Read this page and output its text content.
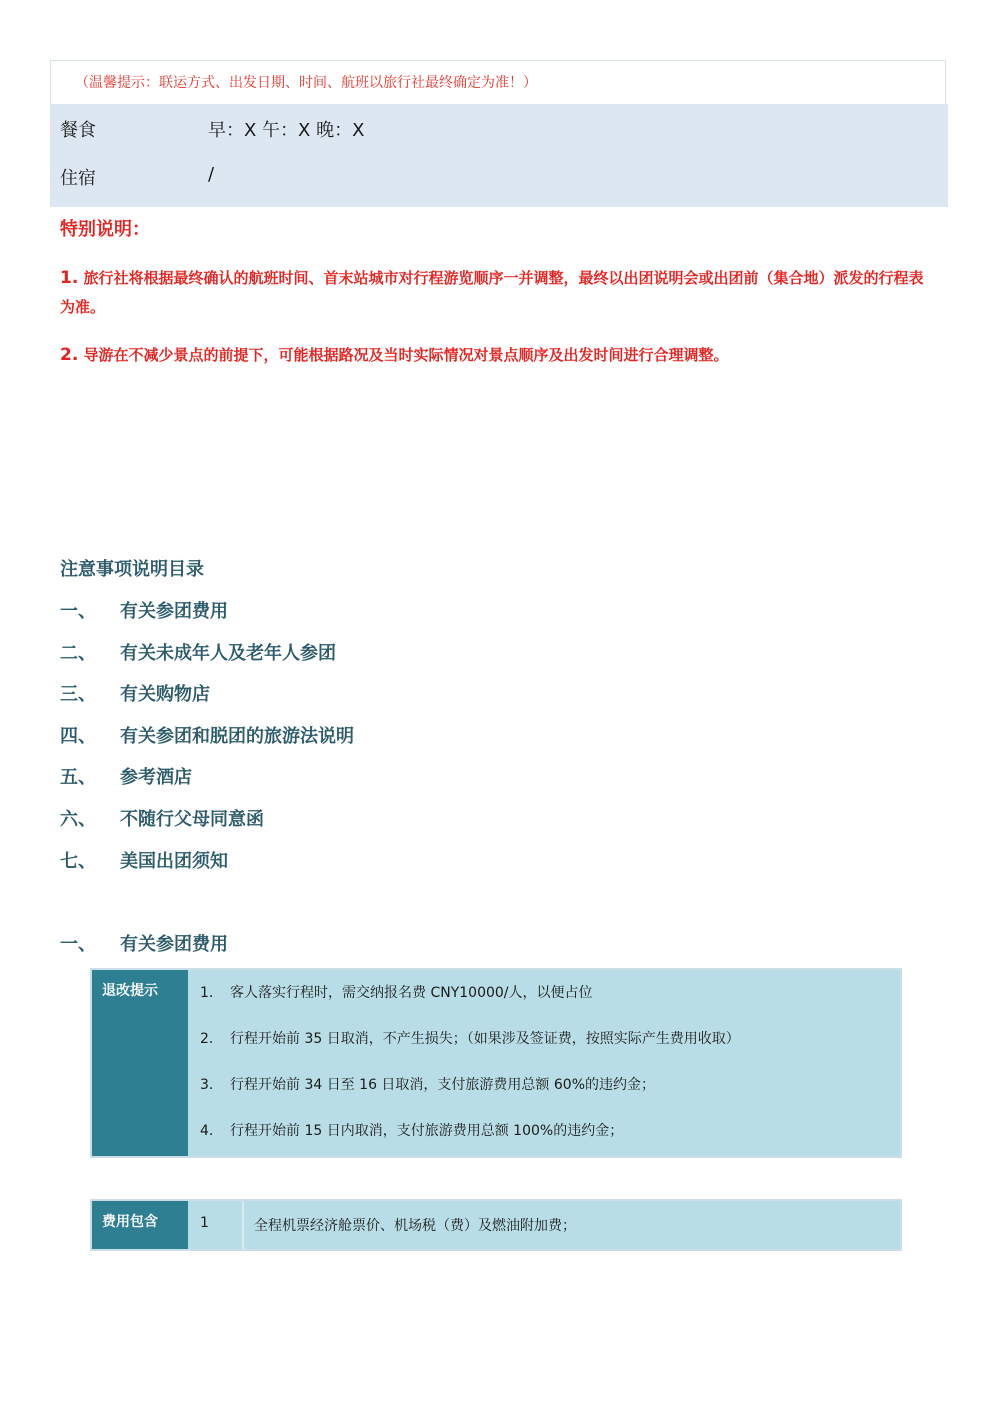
（温馨提示：联运方式、出发日期、时间、航班以旅行社最终确定为准！）
餐食	早：X 午：X 晚：X
住宿	/
特别说明：
1. 旅行社将根据最终确认的航班时间、首末站城市对行程游览顺序一并调整，最终以出团说明会或出团前（集合地）派发的行程表为准。
2. 导游在不减少景点的前提下，可能根据路况及当时实际情况对景点顺序及出发时间进行合理调整。
注意事项说明目录
一、 有关参团费用
二、 有关未成年人及老年人参团
三、 有关购物店
四、 有关参团和脱团的旅游法说明
五、 参考酒店
六、 不随行父母同意函
七、 美国出团须知
一、 有关参团费用
退改提示	1. 客人落实行程时，需交纳报名费 CNY10000/人，以便占位
2. 行程开始前 35 日取消，不产生损失；（如果涉及签证费，按照实际产生费用收取）
3. 行程开始前 34 日至 16 日取消，支付旅游费用总额 60%的违约金；
4. 行程开始前 15 日内取消，支付旅游费用总额 100%的违约金；
费用包含	1	全程机票经济舱票价、机场税（费）及燃油附加费；
